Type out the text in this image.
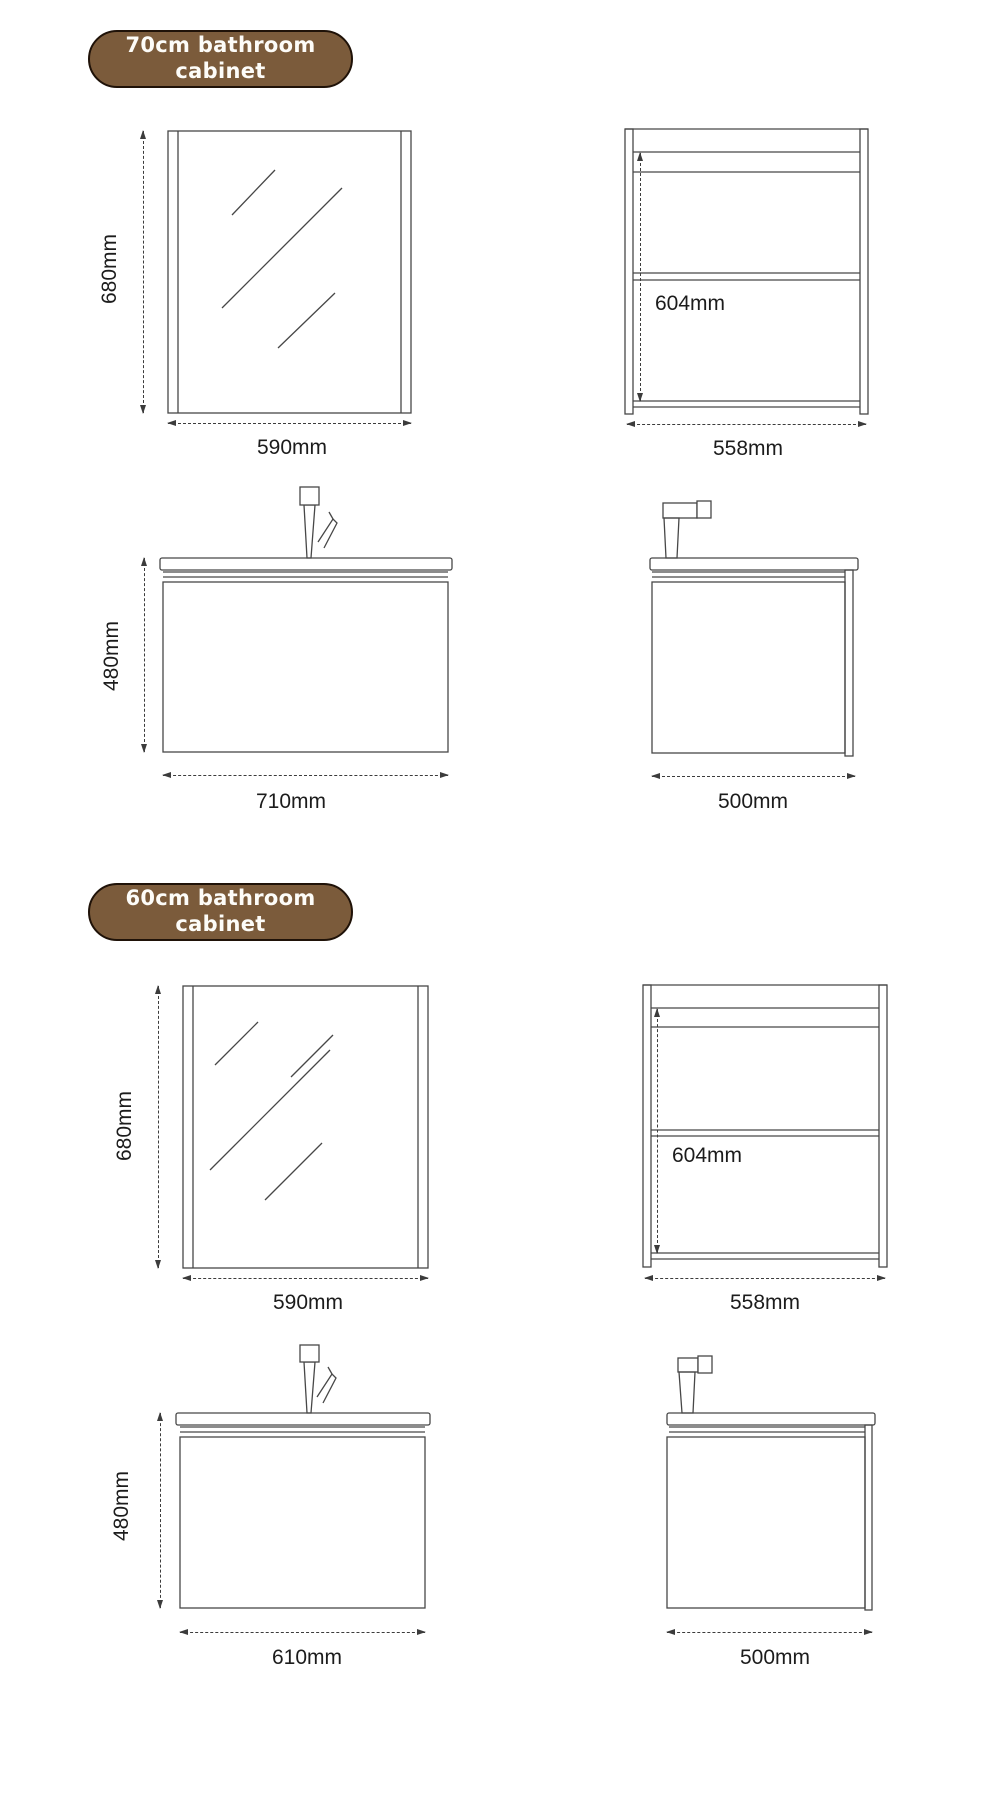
70cm bathroom
cabinet
680mm
590mm
604mm
558mm
480mm
710mm	500mm
60cm bathroom
cabinet
680mm
590mm
604mm
558mm
480mm
610mm	500mm
